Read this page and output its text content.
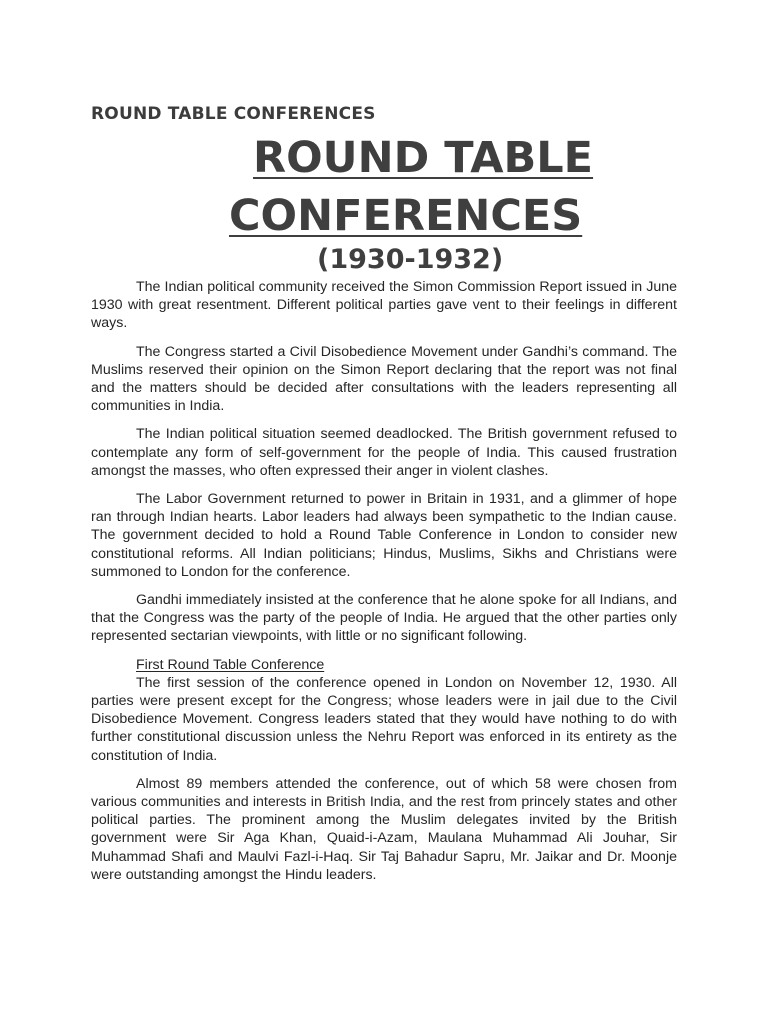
ROUND TABLE CONFERENCES
ROUND TABLE
CONFERENCES
(1930-1932)

The Indian political community received the Simon Commission Report issued in June 1930 with great resentment. Different political parties gave vent to their feelings in different ways.

The Congress started a Civil Disobedience Movement under Gandhi’s command. The Muslims reserved their opinion on the Simon Report declaring that the report was not final and the matters should be decided after consultations with the leaders representing all communities in India.

The Indian political situation seemed deadlocked. The British government refused to contemplate any form of self-government for the people of India. This caused frustration amongst the masses, who often expressed their anger in violent clashes.

The Labor Government returned to power in Britain in 1931, and a glimmer of hope ran through Indian hearts. Labor leaders had always been sympathetic to the Indian cause. The government decided to hold a Round Table Conference in London to consider new constitutional reforms. All Indian politicians; Hindus, Muslims, Sikhs and Christians were summoned to London for the conference.

Gandhi immediately insisted at the conference that he alone spoke for all Indians, and that the Congress was the party of the people of India. He argued that the other parties only represented sectarian viewpoints, with little or no significant following.

First Round Table Conference

The first session of the conference opened in London on November 12, 1930. All parties were present except for the Congress; whose leaders were in jail due to the Civil Disobedience Movement. Congress leaders stated that they would have nothing to do with further constitutional discussion unless the Nehru Report was enforced in its entirety as the constitution of India.

Almost 89 members attended the conference, out of which 58 were chosen from various communities and interests in British India, and the rest from princely states and other political parties. The prominent among the Muslim delegates invited by the British government were Sir Aga Khan, Quaid-i-Azam, Maulana Muhammad Ali Jouhar, Sir Muhammad Shafi and Maulvi Fazl-i-Haq. Sir Taj Bahadur Sapru, Mr. Jaikar and Dr. Moonje were outstanding amongst the Hindu leaders.
